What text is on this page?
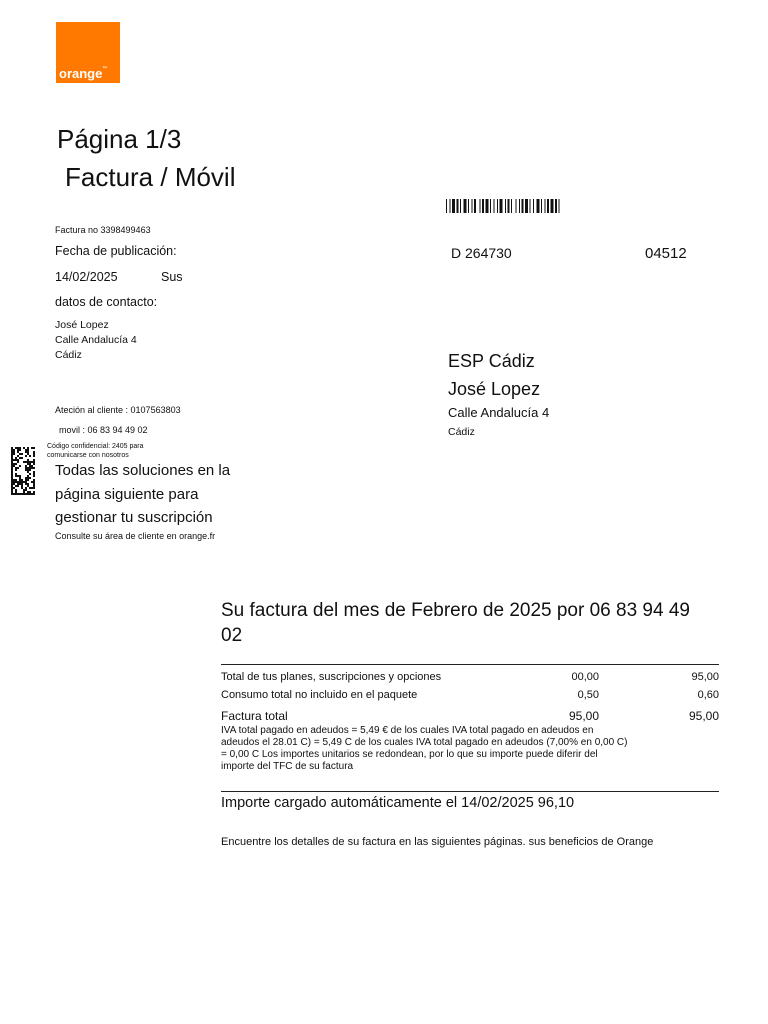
orange™
Página 1/3
Factura / Móvil
Factura no 3398499463
Fecha de publicación:
14/02/2025	Sus
datos de contacto:
José Lopez
Calle Andalucía 4
Cádiz
Ateción al cliente : 0107563803
movil : 06 83 94 49 02
Código confidencial: 2405 para comunicarse con nosotros
Todas las soluciones en la
página siguiente para
gestionar tu suscripción
Consulte su área de cliente en orange.fr
D 264730	04512
ESP Cádiz
José Lopez
Calle Andalucía 4
Cádiz
Su factura del mes de Febrero de 2025 por 06 83 94 49 02
Total de tus planes, suscripciones y opciones	00,00	95,00
Consumo total no incluido en el paquete	0,50	0,60
Factura total	95,00	95,00
IVA total pagado en adeudos = 5,49 € de los cuales IVA total pagado en adeudos en adeudos el 28.01 C) = 5,49 C de los cuales IVA total pagado en adeudos (7,00% en 0,00 C) = 0,00 C Los importes unitarios se redondean, por lo que su importe puede diferir del importe del TFC de su factura
Importe cargado automáticamente el 14/02/2025 96,10
Encuentre los detalles de su factura en las siguientes páginas. sus beneficios de Orange
